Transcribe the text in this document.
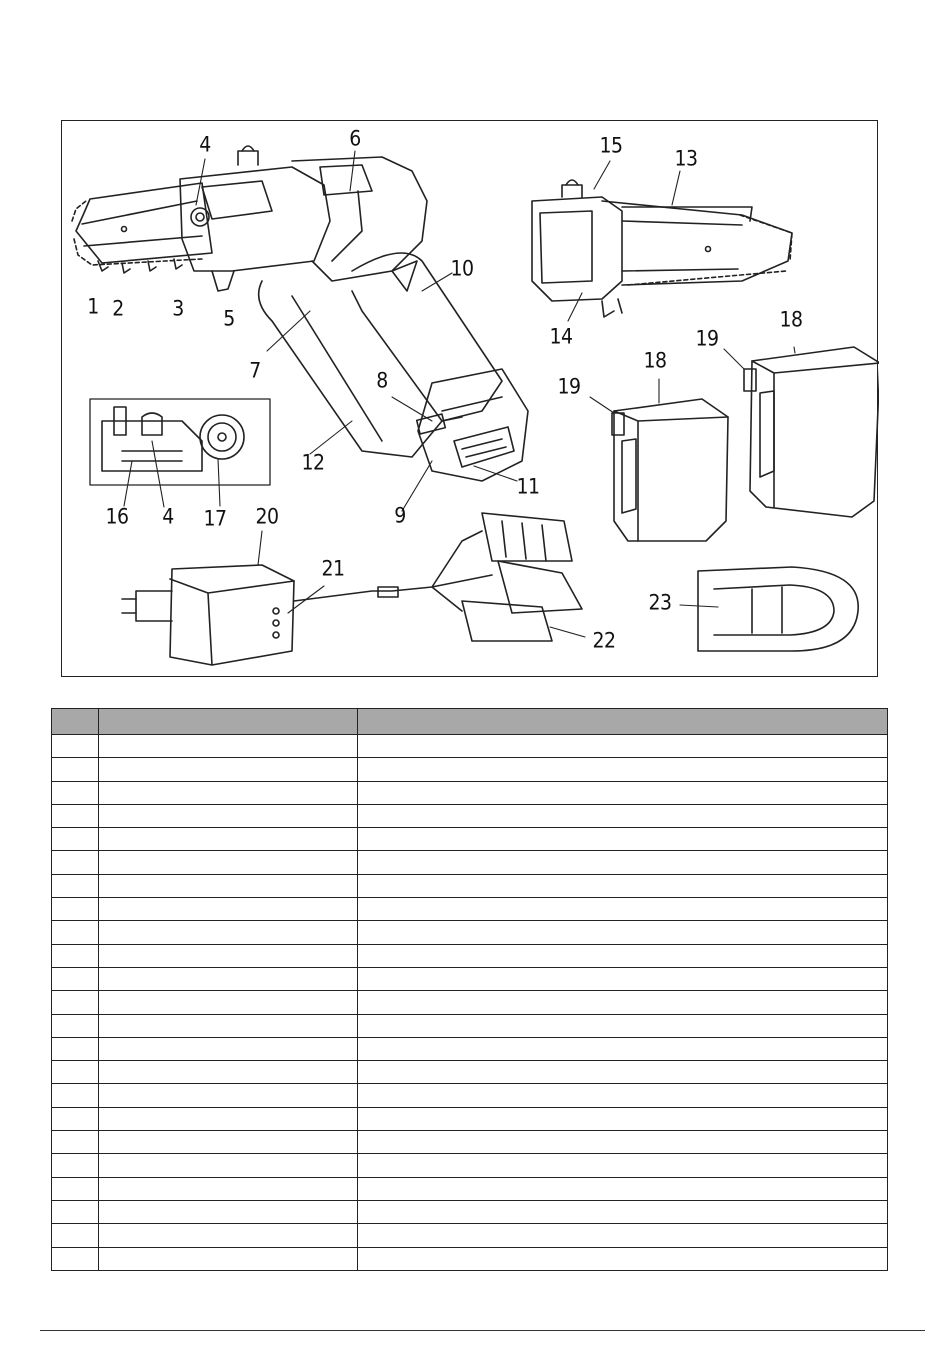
1 2 3
4
5
6
7	8
9
10
11
12
13
14
15
16 4 17
18
19
18
19
20
21
22
23
